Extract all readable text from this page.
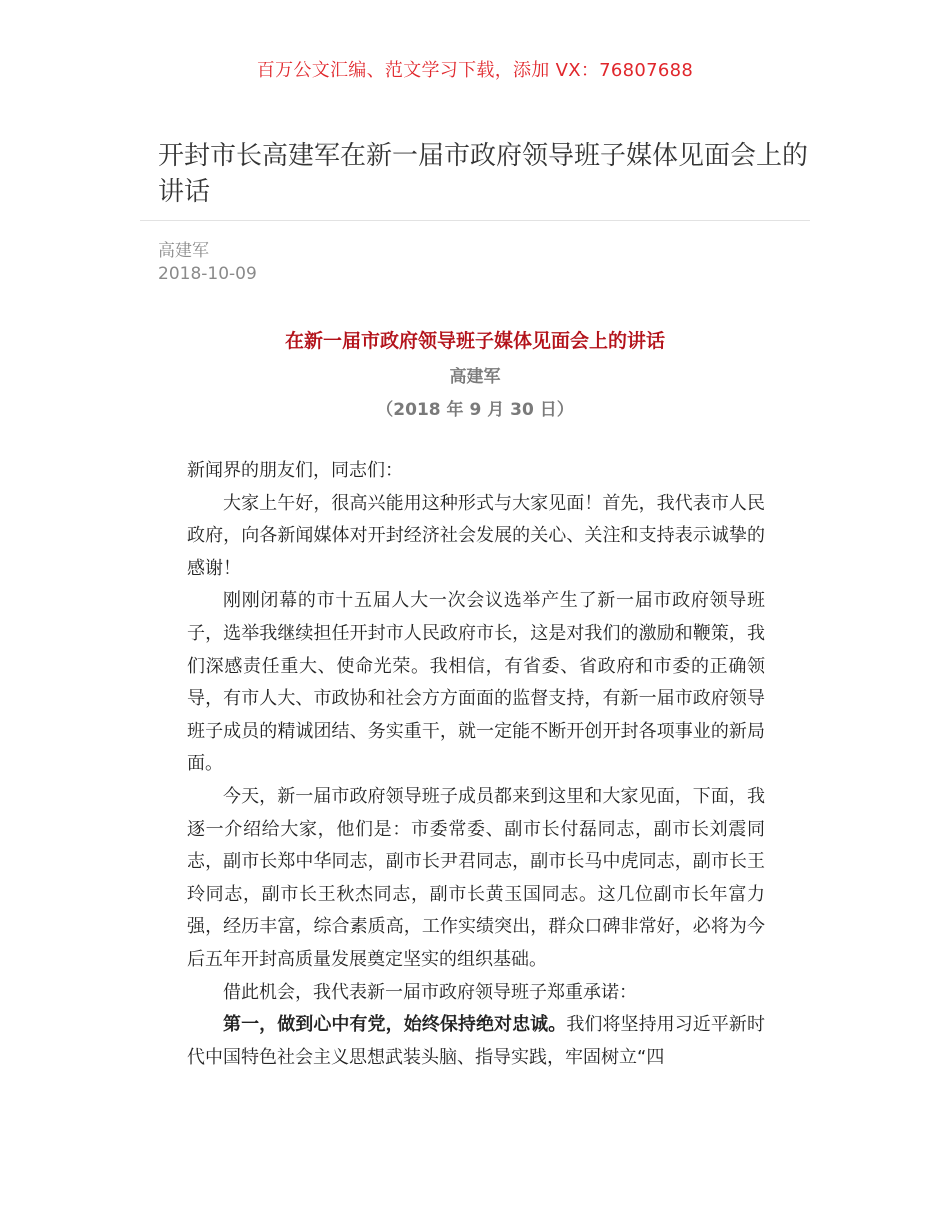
百万公文汇编、范文学习下载，添加 VX：76807688
开封市长高建军在新一届市政府领导班子媒体见面会上的讲话
高建军
2018-10-09
在新一届市政府领导班子媒体见面会上的讲话
高建军
（2018 年 9 月 30 日）

新闻界的朋友们，同志们：

大家上午好，很高兴能用这种形式与大家见面！首先，我代表市人民政府，向各新闻媒体对开封经济社会发展的关心、关注和支持表示诚挚的感谢！

刚刚闭幕的市十五届人大一次会议选举产生了新一届市政府领导班子，选举我继续担任开封市人民政府市长，这是对我们的激励和鞭策，我们深感责任重大、使命光荣。我相信，有省委、省政府和市委的正确领导，有市人大、市政协和社会方方面面的监督支持，有新一届市政府领导班子成员的精诚团结、务实重干，就一定能不断开创开封各项事业的新局面。

今天，新一届市政府领导班子成员都来到这里和大家见面，下面，我逐一介绍给大家，他们是：市委常委、副市长付磊同志，副市长刘震同志，副市长郑中华同志，副市长尹君同志，副市长马中虎同志，副市长王玲同志，副市长王秋杰同志，副市长黄玉国同志。这几位副市长年富力强，经历丰富，综合素质高，工作实绩突出，群众口碑非常好，必将为今后五年开封高质量发展奠定坚实的组织基础。

借此机会，我代表新一届市政府领导班子郑重承诺：

第一，做到心中有党，始终保持绝对忠诚。我们将坚持用习近平新时代中国特色社会主义思想武装头脑、指导实践，牢固树立“四
